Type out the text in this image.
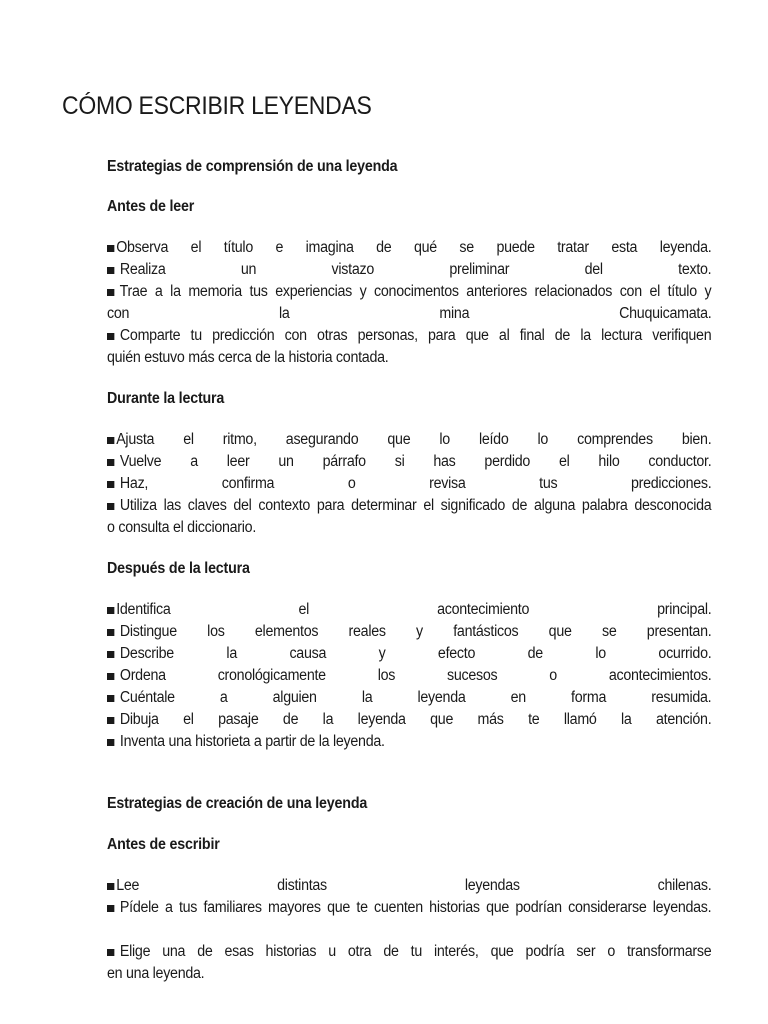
CÓMO ESCRIBIR LEYENDAS
Estrategias de comprensión de una leyenda
Antes de leer
Observa el título e imagina de qué se puede tratar esta leyenda.
Realiza	un	vistazo	preliminar	del	texto.
Trae a la memoria tus experiencias y conocimentos anteriores relacionados con el título y
con	la	mina	Chuquicamata.
Comparte tu predicción con otras personas, para que al final de la lectura verifiquen
quién estuvo más cerca de la historia contada.
Ajusta el ritmo, asegurando que lo leído lo comprendes bien.
Vuelve a leer un párrafo si has perdido el hilo conductor.
Haz,	confirma	o	revisa	tus	predicciones.
Utiliza las claves del contexto para determinar el significado de alguna palabra desconocida
o consulta el diccionario.
Identifica	el	acontecimiento	principal.
Distingue los elementos reales y fantásticos que se presentan.
Describe	la	causa	y	efecto	de	lo	ocurrido.
Ordena	cronológicamente	los	sucesos	o	acontecimientos.
Cuéntale	a	alguien	la	leyenda	en	forma	resumida.
Dibuja el pasaje de la leyenda que más te llamó la atención.
Inventa una historieta a partir de la leyenda.
Lee	distintas	leyendas	chilenas.
Pídele a tus familiares mayores que te cuenten historias que podrían considerarse leyendas.
Elige una de esas historias u otra de tu interés, que podría ser o transformarse
en una leyenda.
Durante la lectura
Después de la lectura
Estrategias de creación de una leyenda
Antes de escribir
